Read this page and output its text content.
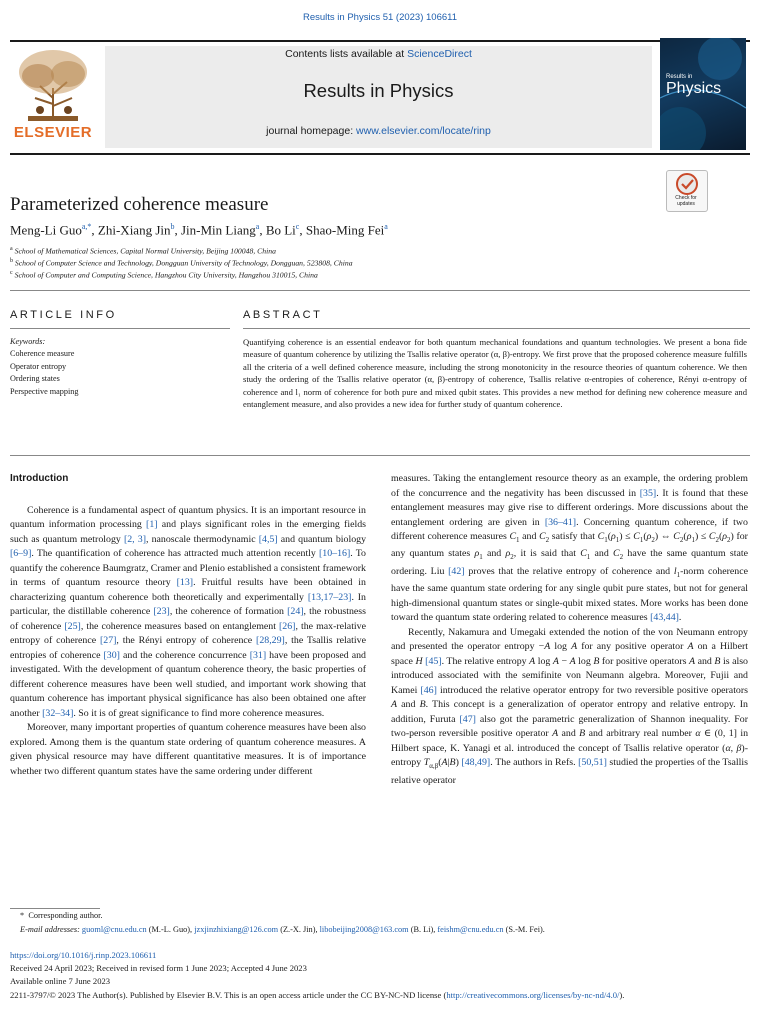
Results in Physics 51 (2023) 106611
ELSEVIER
Contents lists available at ScienceDirect
Results in Physics
journal homepage: www.elsevier.com/locate/rinp
Results in
Physics
Check for updates
Parameterized coherence measure
Meng-Li Guo$^{a,*}$, Zhi-Xiang Jin$^b$, Jin-Min Liang$^a$, Bo Li$^c$, Shao-Ming Fei$^a$
$^a$ School of Mathematical Sciences, Capital Normal University, Beijing 100048, China
$^b$ School of Computer Science and Technology, Dongguan University of Technology, Dongguan, 523808, China
$^c$ School of Computer and Computing Science, Hangzhou City University, Hangzhou 310015, China
ARTICLE INFO	ABSTRACT
Keywords:
Coherence measure
Operator entropy
Ordering states
Perspective mapping
Quantifying coherence is an essential endeavor for both quantum mechanical foundations and quantum technologies. We present a bona fide measure of quantum coherence by utilizing the Tsallis relative operator (α, β)-entropy. We first prove that the proposed coherence measure fulfills all the criteria of a well defined coherence measure, including the strong monotonicity in the resource theories of quantum coherence. We then study the ordering of the Tsallis relative operator (α, β)-entropy of coherence, Tsallis relative α-entropies of coherence, Rényi α-entropy of coherence and l₁ norm of coherence for both pure and mixed qubit states. This provides a new method for defining new coherence measure and entanglement measure, and also provides a new idea for further study of quantum coherence.

Introduction

Coherence is a fundamental aspect of quantum physics. It is an important resource in quantum information processing [1] and plays significant roles in the emerging fields such as quantum metrology [2, 3], nanoscale thermodynamic [4,5] and quantum biology [6–9]. The quantification of coherence has attracted much attention recently [10–16]. To quantify the coherence Baumgratz, Cramer and Plenio established a consistent framework in terms of quantum resource theory [13]. Fruitful results have been obtained in characterizing quantum coherence both theoretically and experimentally [13,17–23]. In particular, the distillable coherence [23], the coherence of formation [24], the robustness of coherence [25], the coherence measures based on entanglement [26], the max-relative entropy of coherence [27], the Rényi entropy of coherence [28,29], the Tsallis relative entropies of coherence [30] and the coherence concurrence [31] have been proposed and investigated. With the development of quantum coherence theory, the basic properties of different coherence measures have been well studied, and important work showing that quantum coherence has important physical significance has also been obtained one after another [32–34]. So it is of great significance to find more coherence measures.

Moreover, many important properties of quantum coherence measures have been also explored. Among them is the quantum state ordering of quantum coherence measures. A given physical resource may have different quantitative measures. It is of importance whether two different quantum states have the same ordering under different

measures. Taking the entanglement resource theory as an example, the ordering problem of the concurrence and the negativity has been discussed in [35]. It is found that these entanglement measures may give rise to different orderings. More discussions about the entanglement ordering are given in [36–41]. Concerning quantum coherence, if two different coherence measures $C_1$ and $C_2$ satisfy that $C_1(\rho_1) \le C_1(\rho_2)$ ⇔ $C_2(\rho_1) \le C_2(\rho_2)$ for any quantum states $\rho_1$ and $\rho_2$, it is said that $C_1$ and $C_2$ have the same quantum state ordering. Liu [42] proves that the relative entropy of coherence and $l_1$-norm coherence have the same quantum state ordering for any single qubit pure states, but not for general high-dimensional quantum states or single-qubit mixed states. More works has been done toward the quantum state ordering related to coherence measures [43,44].

Recently, Nakamura and Umegaki extended the notion of the von Neumann entropy and presented the operator entropy −A log A for any positive operator A on a Hilbert space H [45]. The relative entropy A log A − A log B for positive operators A and B is also introduced associated with the semifinite von Neumann algebra. Moreover, Fujii and Kamei [46] introduced the relative operator entropy for two reversible positive operators A and B. This concept is a generalization of operator entropy and relative entropy. In addition, Furuta [47] also got the parametric generalization of Shannon inequality. For two-person reversible positive operator A and B and arbitrary real number α ∈ (0, 1] in Hilbert space, K. Yanagi et al. introduced the concept of Tsallis relative operator (α, β)-entropy $T_{\alpha,\beta}(A|B)$ [48,49]. The authors in Refs. [50,51] studied the properties of the Tsallis relative operator

* Corresponding author.
E-mail addresses: guoml@cnu.edu.cn (M.-L. Guo), jzxjinzhixiang@126.com (Z.-X. Jin), libobeijing2008@163.com (B. Li), feishm@cnu.edu.cn (S.-M. Fei).
https://doi.org/10.1016/j.rinp.2023.106611
Received 24 April 2023; Received in revised form 1 June 2023; Accepted 4 June 2023
Available online 7 June 2023
2211-3797/© 2023 The Author(s). Published by Elsevier B.V. This is an open access article under the CC BY-NC-ND license (http://creativecommons.org/licenses/by-nc-nd/4.0/).
